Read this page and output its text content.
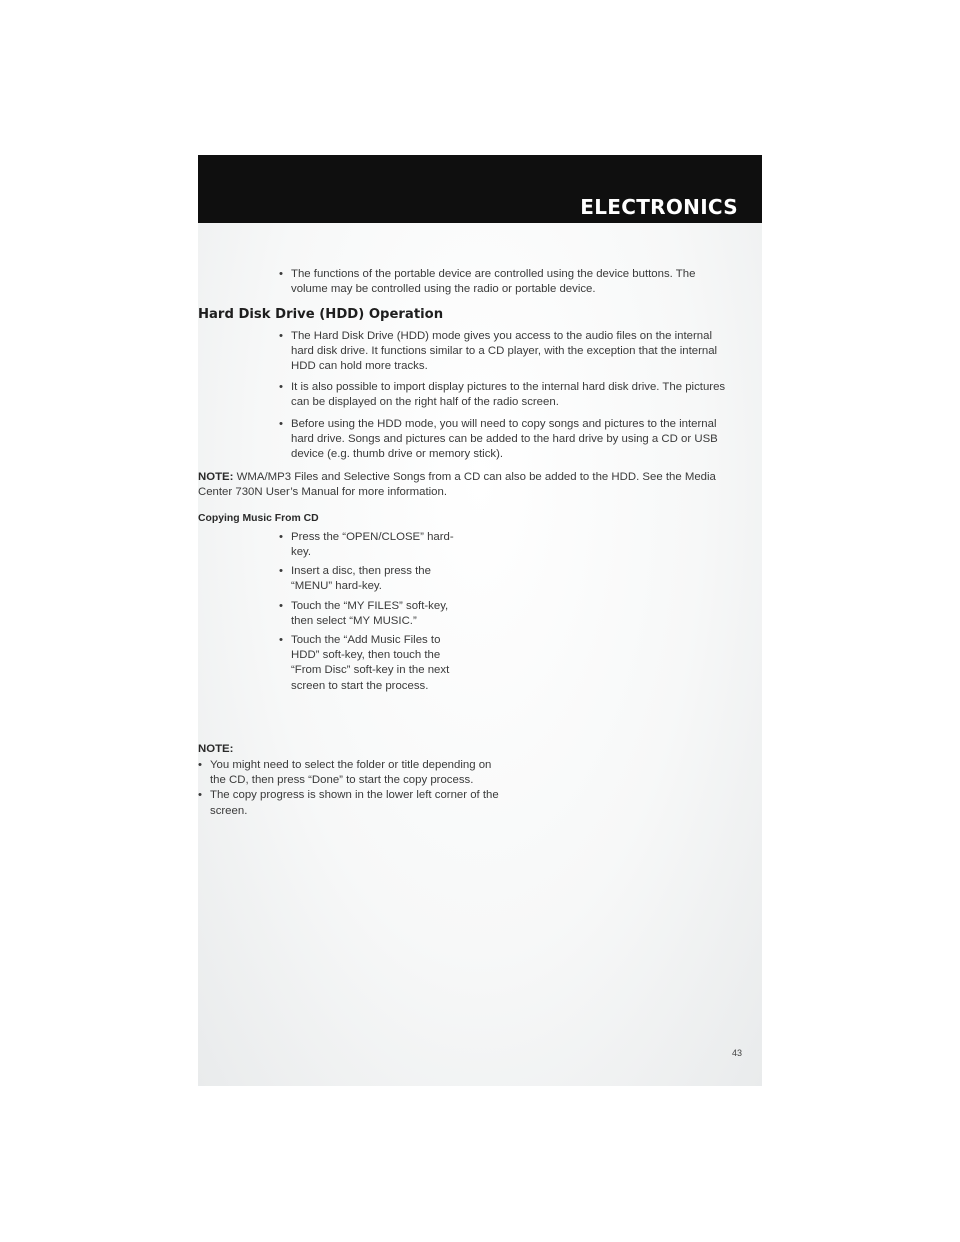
ELECTRONICS

• The functions of the portable device are controlled using the device buttons. The volume may be controlled using the radio or portable device.

Hard Disk Drive (HDD) Operation

• The Hard Disk Drive (HDD) mode gives you access to the audio files on the internal hard disk drive. It functions similar to a CD player, with the exception that the internal HDD can hold more tracks.

• It is also possible to import display pictures to the internal hard disk drive. The pictures can be displayed on the right half of the radio screen.

• Before using the HDD mode, you will need to copy songs and pictures to the internal hard drive. Songs and pictures can be added to the hard drive by using a CD or USB device (e.g. thumb drive or memory stick).

NOTE: WMA/MP3 Files and Selective Songs from a CD can also be added to the HDD. See the Media Center 730N User’s Manual for more information.

Copying Music From CD

• Press the “OPEN/CLOSE” hard-key.

• Insert a disc, then press the “MENU” hard-key.

• Touch the “MY FILES” soft-key, then select “MY MUSIC.”

• Touch the “Add Music Files to HDD” soft-key, then touch the “From Disc” soft-key in the next screen to start the process.

NOTE:

• You might need to select the folder or title depending on the CD, then press “Done” to start the copy process.

• The copy progress is shown in the lower left corner of the screen.

43
